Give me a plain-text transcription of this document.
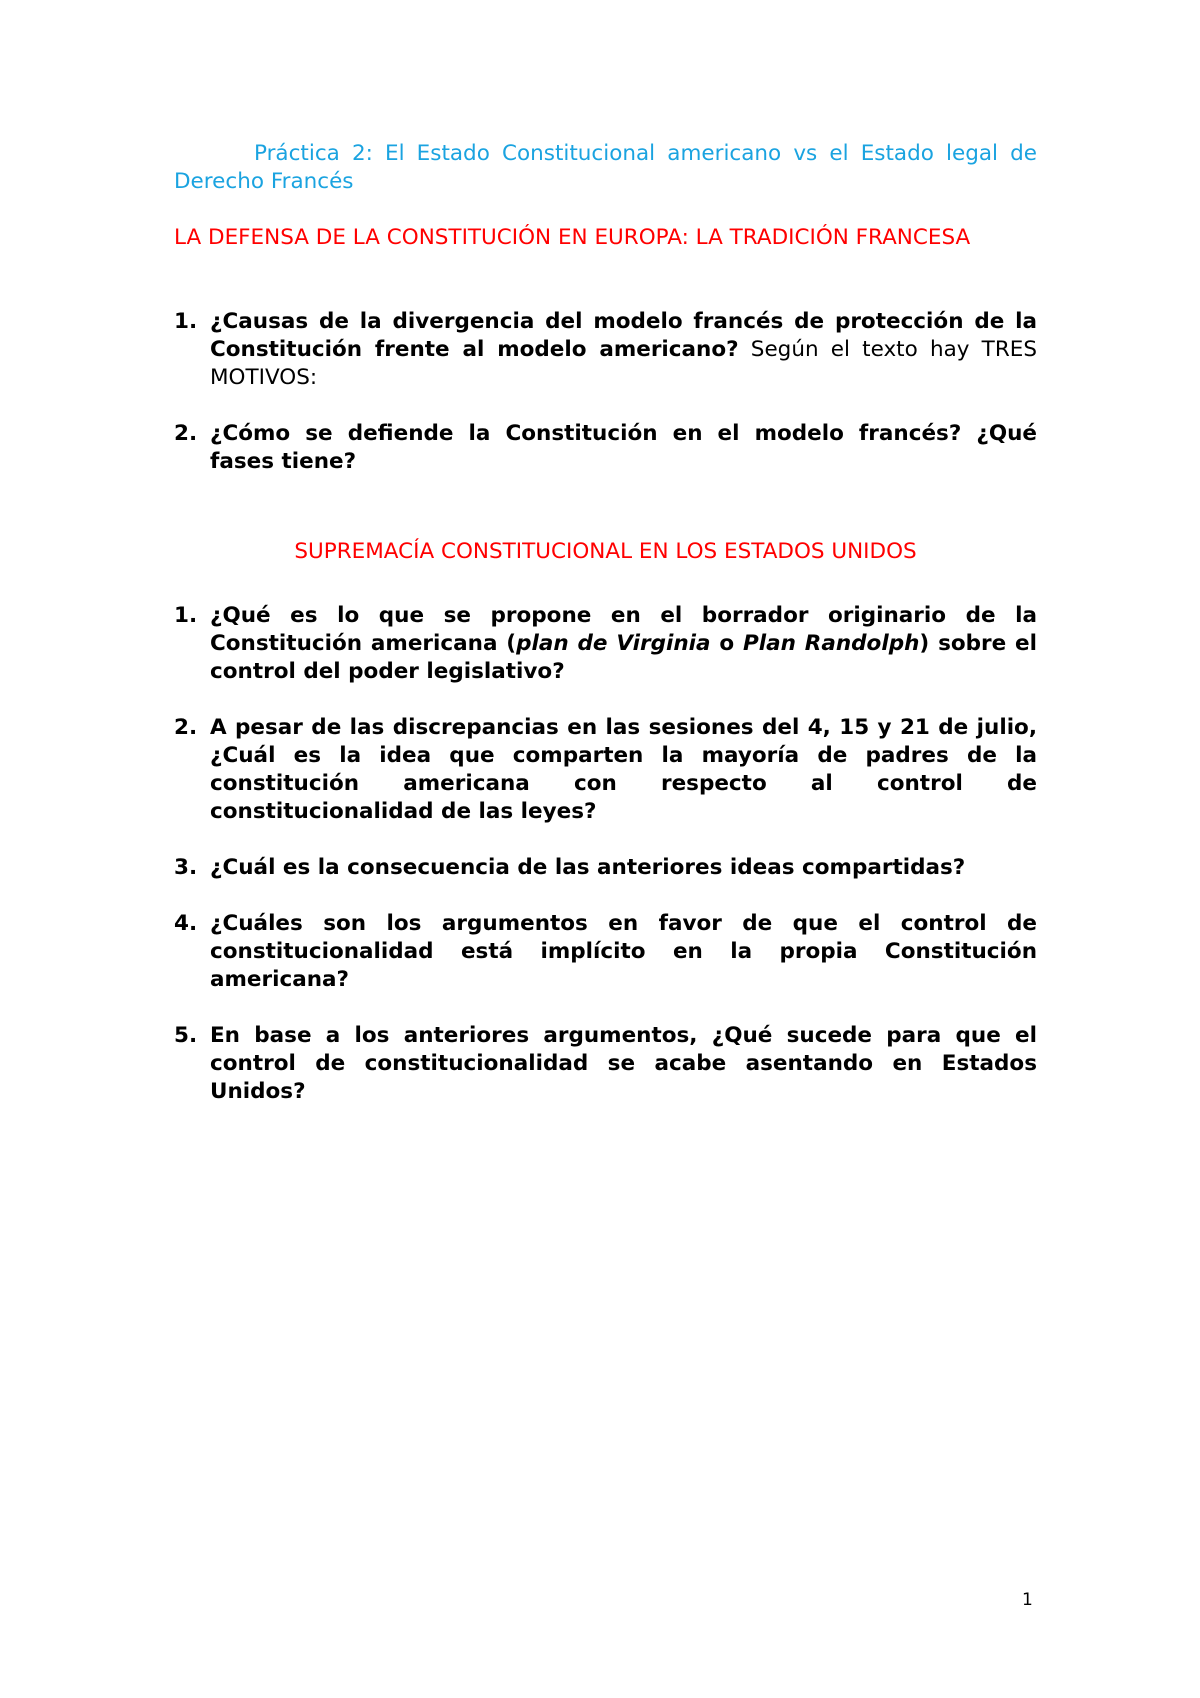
Práctica 2: El Estado Constitucional americano vs el Estado legal de Derecho Francés

LA DEFENSA DE LA CONSTITUCIÓN EN EUROPA: LA TRADICIÓN FRANCESA

1. ¿Causas de la divergencia del modelo francés de protección de la Constitución frente al modelo americano? Según el texto hay TRES MOTIVOS:
2. ¿Cómo se defiende la Constitución en el modelo francés? ¿Qué fases tiene?

SUPREMACÍA CONSTITUCIONAL EN LOS ESTADOS UNIDOS

1. ¿Qué es lo que se propone en el borrador originario de la Constitución americana (plan de Virginia o Plan Randolph) sobre el control del poder legislativo?
2. A pesar de las discrepancias en las sesiones del 4, 15 y 21 de julio, ¿Cuál es la idea que comparten la mayoría de padres de la constitución americana con respecto al control de constitucionalidad de las leyes?
3. ¿Cuál es la consecuencia de las anteriores ideas compartidas?
4. ¿Cuáles son los argumentos en favor de que el control de constitucionalidad está implícito en la propia Constitución americana?
5. En base a los anteriores argumentos, ¿Qué sucede para que el control de constitucionalidad se acabe asentando en Estados Unidos?
1
